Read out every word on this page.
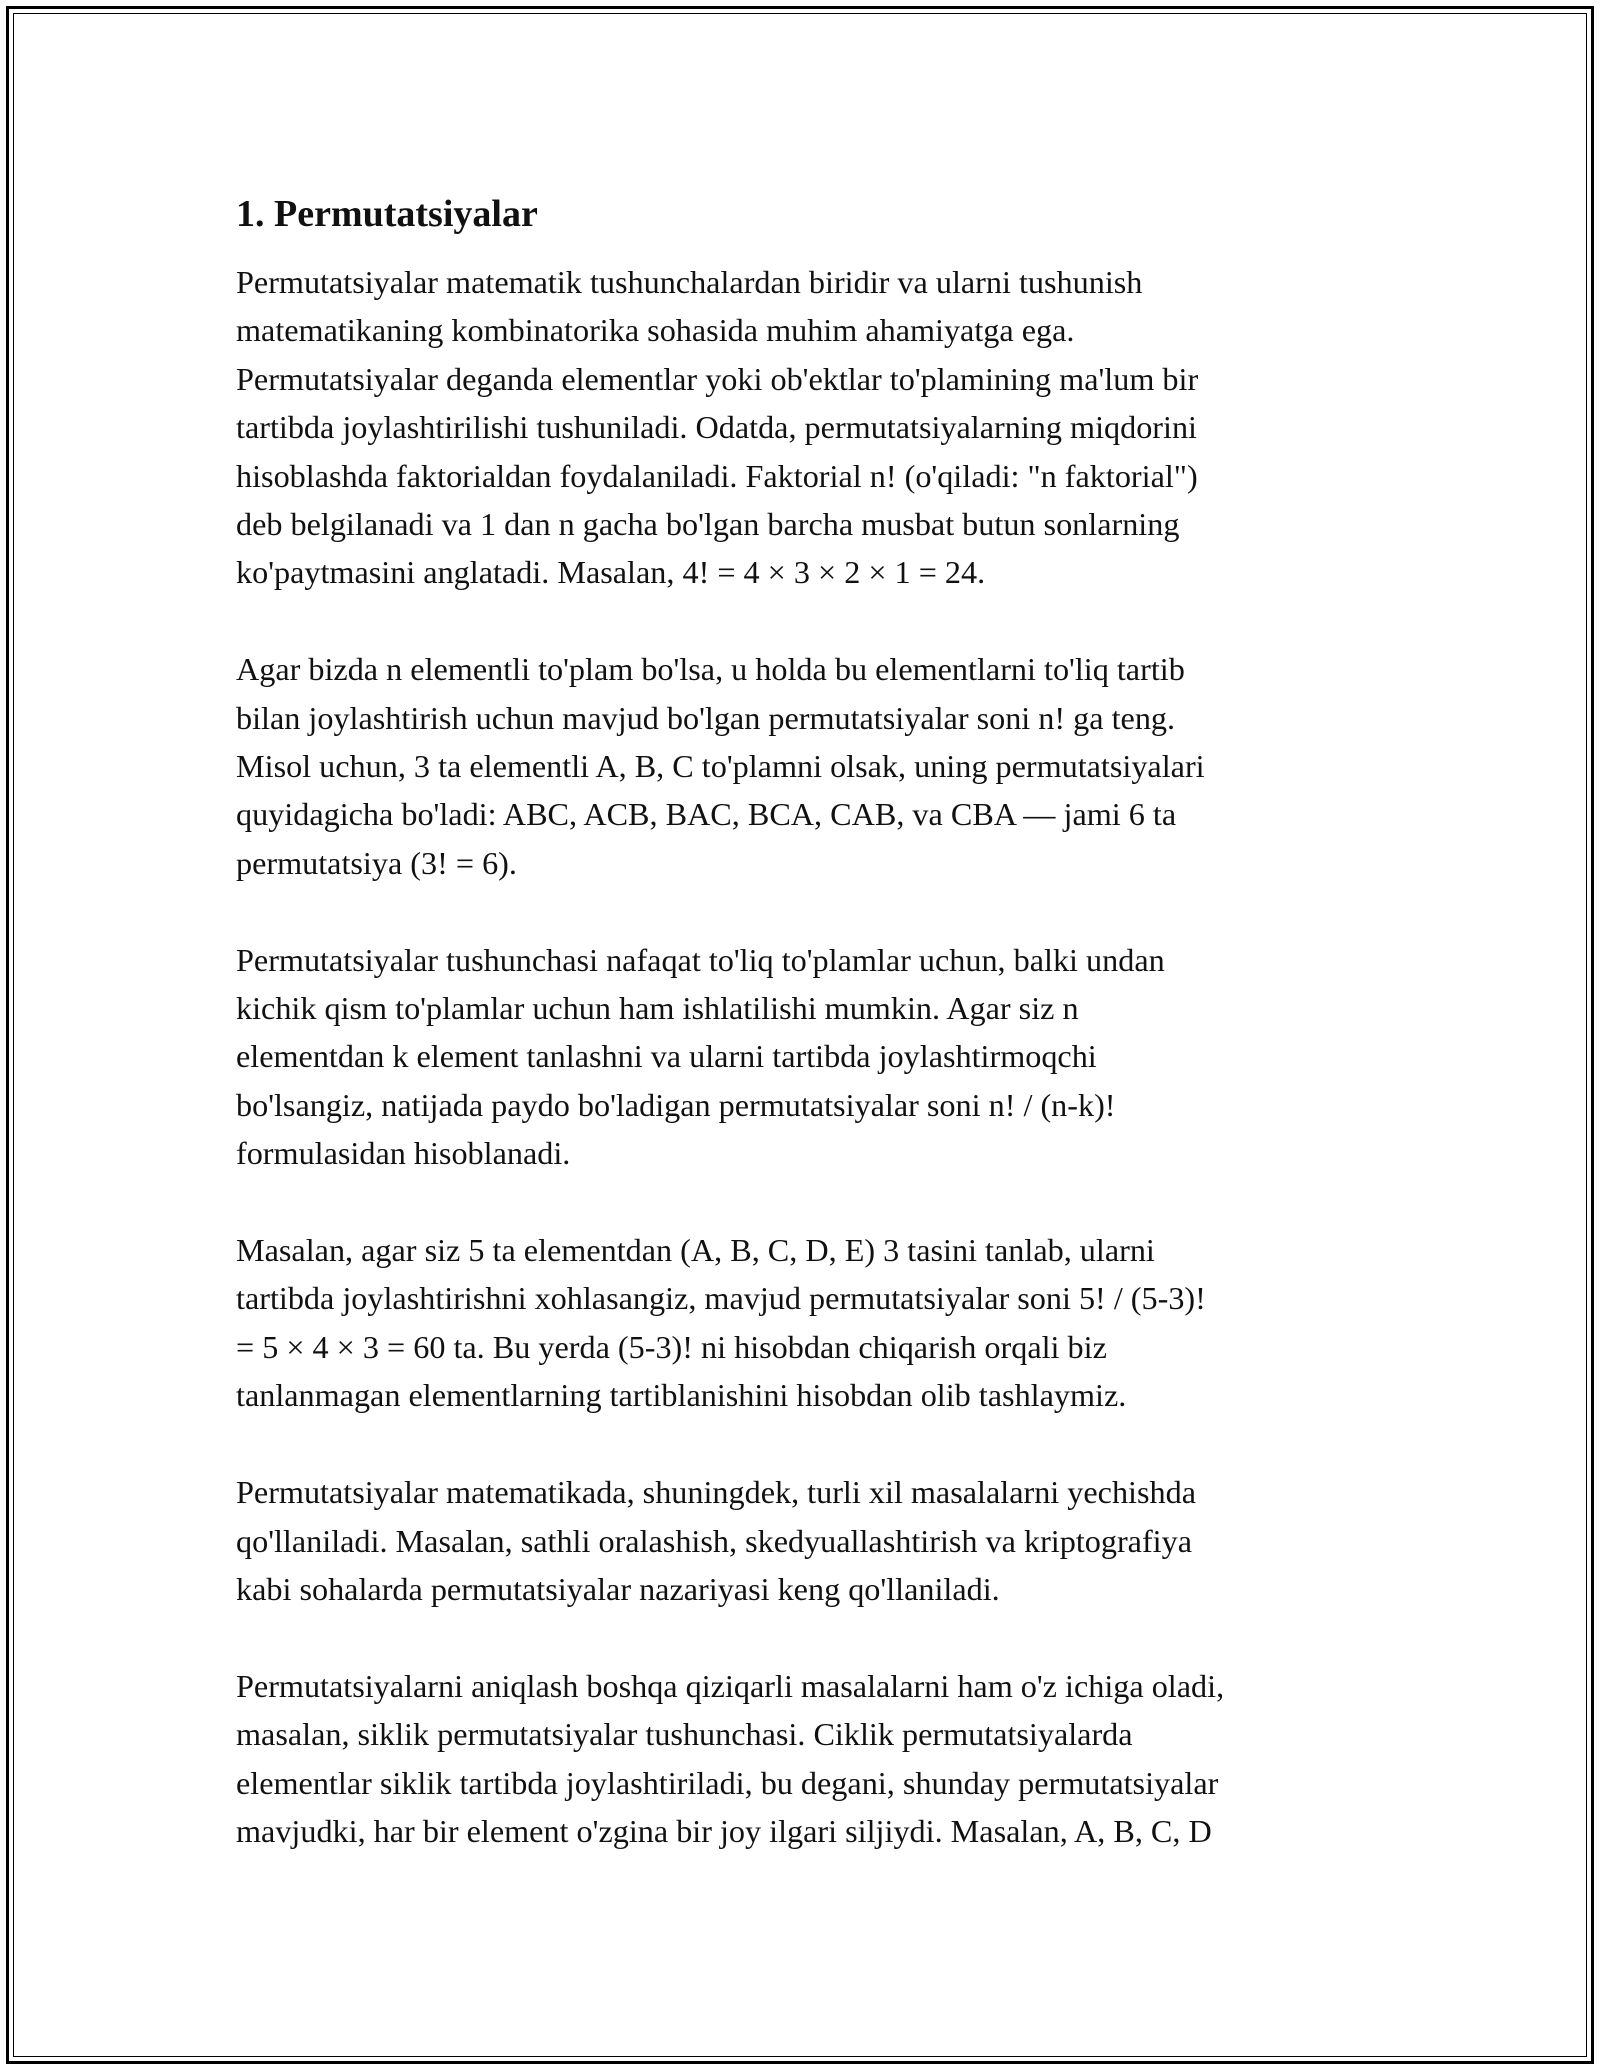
1. Permutatsiyalar

Permutatsiyalar matematik tushunchalardan biridir va ularni tushunish
matematikaning kombinatorika sohasida muhim ahamiyatga ega.
Permutatsiyalar deganda elementlar yoki ob'ektlar to'plamining ma'lum bir
tartibda joylashtirilishi tushuniladi. Odatda, permutatsiyalarning miqdorini
hisoblashda faktorialdan foydalaniladi. Faktorial n! (o'qiladi: "n faktorial")
deb belgilanadi va 1 dan n gacha bo'lgan barcha musbat butun sonlarning
ko'paytmasini anglatadi. Masalan, 4! = 4 × 3 × 2 × 1 = 24.

Agar bizda n elementli to'plam bo'lsa, u holda bu elementlarni to'liq tartib
bilan joylashtirish uchun mavjud bo'lgan permutatsiyalar soni n! ga teng.
Misol uchun, 3 ta elementli A, B, C to'plamni olsak, uning permutatsiyalari
quyidagicha bo'ladi: ABC, ACB, BAC, BCA, CAB, va CBA — jami 6 ta
permutatsiya (3! = 6).

Permutatsiyalar tushunchasi nafaqat to'liq to'plamlar uchun, balki undan
kichik qism to'plamlar uchun ham ishlatilishi mumkin. Agar siz n
elementdan k element tanlashni va ularni tartibda joylashtirmoqchi
bo'lsangiz, natijada paydo bo'ladigan permutatsiyalar soni n! / (n-k)!
formulasidan hisoblanadi.

Masalan, agar siz 5 ta elementdan (A, B, C, D, E) 3 tasini tanlab, ularni
tartibda joylashtirishni xohlasangiz, mavjud permutatsiyalar soni 5! / (5-3)!
= 5 × 4 × 3 = 60 ta. Bu yerda (5-3)! ni hisobdan chiqarish orqali biz
tanlanmagan elementlarning tartiblanishini hisobdan olib tashlaymiz.

Permutatsiyalar matematikada, shuningdek, turli xil masalalarni yechishda
qo'llaniladi. Masalan, sathli oralashish, skedyuallashtirish va kriptografiya
kabi sohalarda permutatsiyalar nazariyasi keng qo'llaniladi.

Permutatsiyalarni aniqlash boshqa qiziqarli masalalarni ham o'z ichiga oladi,
masalan, siklik permutatsiyalar tushunchasi. Ciklik permutatsiyalarda
elementlar siklik tartibda joylashtiriladi, bu degani, shunday permutatsiyalar
mavjudki, har bir element o'zgina bir joy ilgari siljiydi. Masalan, A, B, C, D
